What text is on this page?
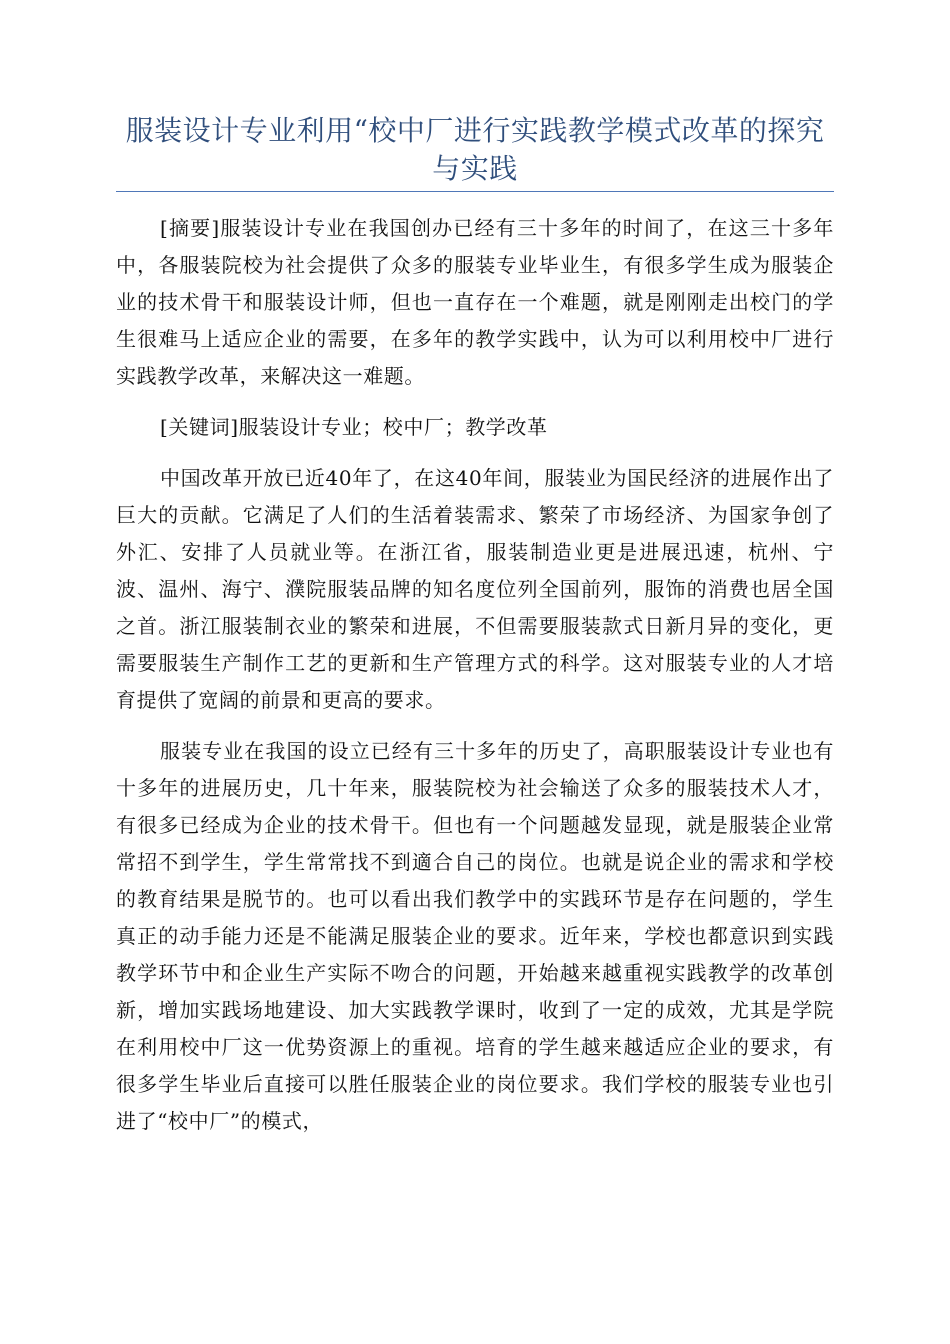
服装设计专业利用“校中厂进行实践教学模式改革的探究与实践

[摘要]服装设计专业在我国创办已经有三十多年的时间了，在这三十多年中，各服装院校为社会提供了众多的服装专业毕业生，有很多学生成为服装企业的技术骨干和服装设计师，但也一直存在一个难题，就是刚刚走出校门的学生很难马上适应企业的需要，在多年的教学实践中，认为可以利用校中厂进行实践教学改革，来解决这一难题。

[关键词]服装设计专业；校中厂；教学改革

中国改革开放已近40年了，在这40年间，服装业为国民经济的进展作出了巨大的贡献。它满足了人们的生活着装需求、繁荣了市场经济、为国家争创了外汇、安排了人员就业等。在浙江省，服装制造业更是进展迅速，杭州、宁波、温州、海宁、濮院服装品牌的知名度位列全国前列，服饰的消费也居全国之首。浙江服装制衣业的繁荣和进展，不但需要服装款式日新月异的变化，更需要服装生产制作工艺的更新和生产管理方式的科学。这对服装专业的人才培育提供了宽阔的前景和更高的要求。

服装专业在我国的设立已经有三十多年的历史了，高职服装设计专业也有十多年的进展历史，几十年来，服装院校为社会输送了众多的服装技术人才，有很多已经成为企业的技术骨干。但也有一个问题越发显现，就是服装企业常常招不到学生，学生常常找不到適合自己的岗位。也就是说企业的需求和学校的教育结果是脱节的。也可以看出我们教学中的实践环节是存在问题的，学生真正的动手能力还是不能满足服装企业的要求。近年来，学校也都意识到实践教学环节中和企业生产实际不吻合的问题，开始越来越重视实践教学的改革创新，增加实践场地建设、加大实践教学课时，收到了一定的成效，尤其是学院在利用校中厂这一优势资源上的重视。培育的学生越来越适应企业的要求，有很多学生毕业后直接可以胜任服装企业的岗位要求。我们学校的服装专业也引进了“校中厂”的模式，
